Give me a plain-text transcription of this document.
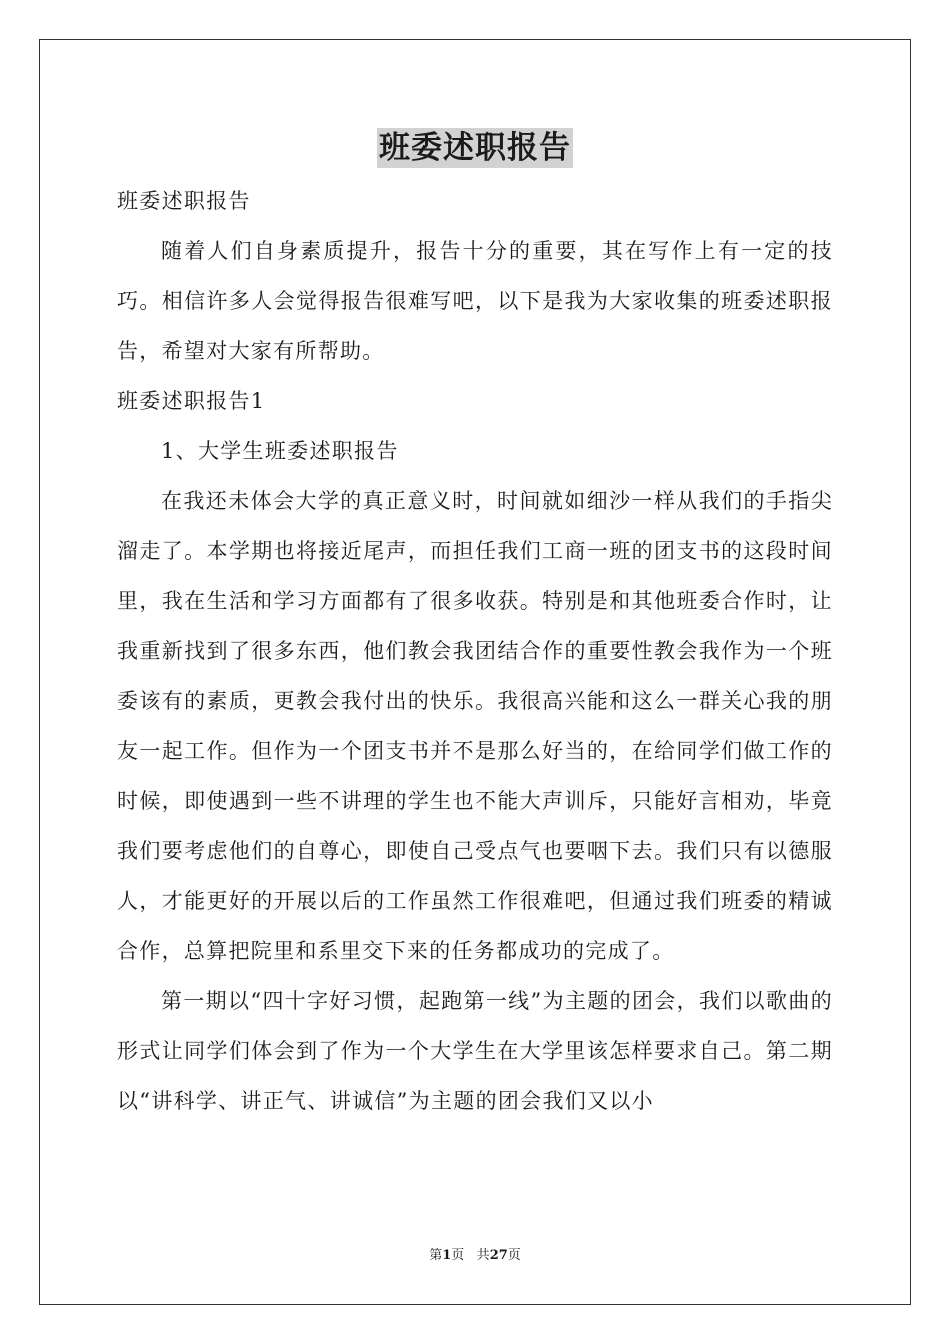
班委述职报告

班委述职报告

随着人们自身素质提升，报告十分的重要，其在写作上有一定的技巧。相信许多人会觉得报告很难写吧，以下是我为大家收集的班委述职报告，希望对大家有所帮助。

班委述职报告1

1、大学生班委述职报告

在我还未体会大学的真正意义时，时间就如细沙一样从我们的手指尖溜走了。本学期也将接近尾声，而担任我们工商一班的团支书的这段时间里，我在生活和学习方面都有了很多收获。特别是和其他班委合作时，让我重新找到了很多东西，他们教会我团结合作的重要性教会我作为一个班委该有的素质，更教会我付出的快乐。我很高兴能和这么一群关心我的朋友一起工作。但作为一个团支书并不是那么好当的，在给同学们做工作的时候，即使遇到一些不讲理的学生也不能大声训斥，只能好言相劝，毕竟我们要考虑他们的自尊心，即使自己受点气也要咽下去。我们只有以德服人，才能更好的开展以后的工作虽然工作很难吧，但通过我们班委的精诚合作，总算把院里和系里交下来的任务都成功的完成了。

第一期以“四十字好习惯，起跑第一线”为主题的团会，我们以歌曲的形式让同学们体会到了作为一个大学生在大学里该怎样要求自己。第二期以“讲科学、讲正气、讲诚信”为主题的团会我们又以小

第1页 共27页
